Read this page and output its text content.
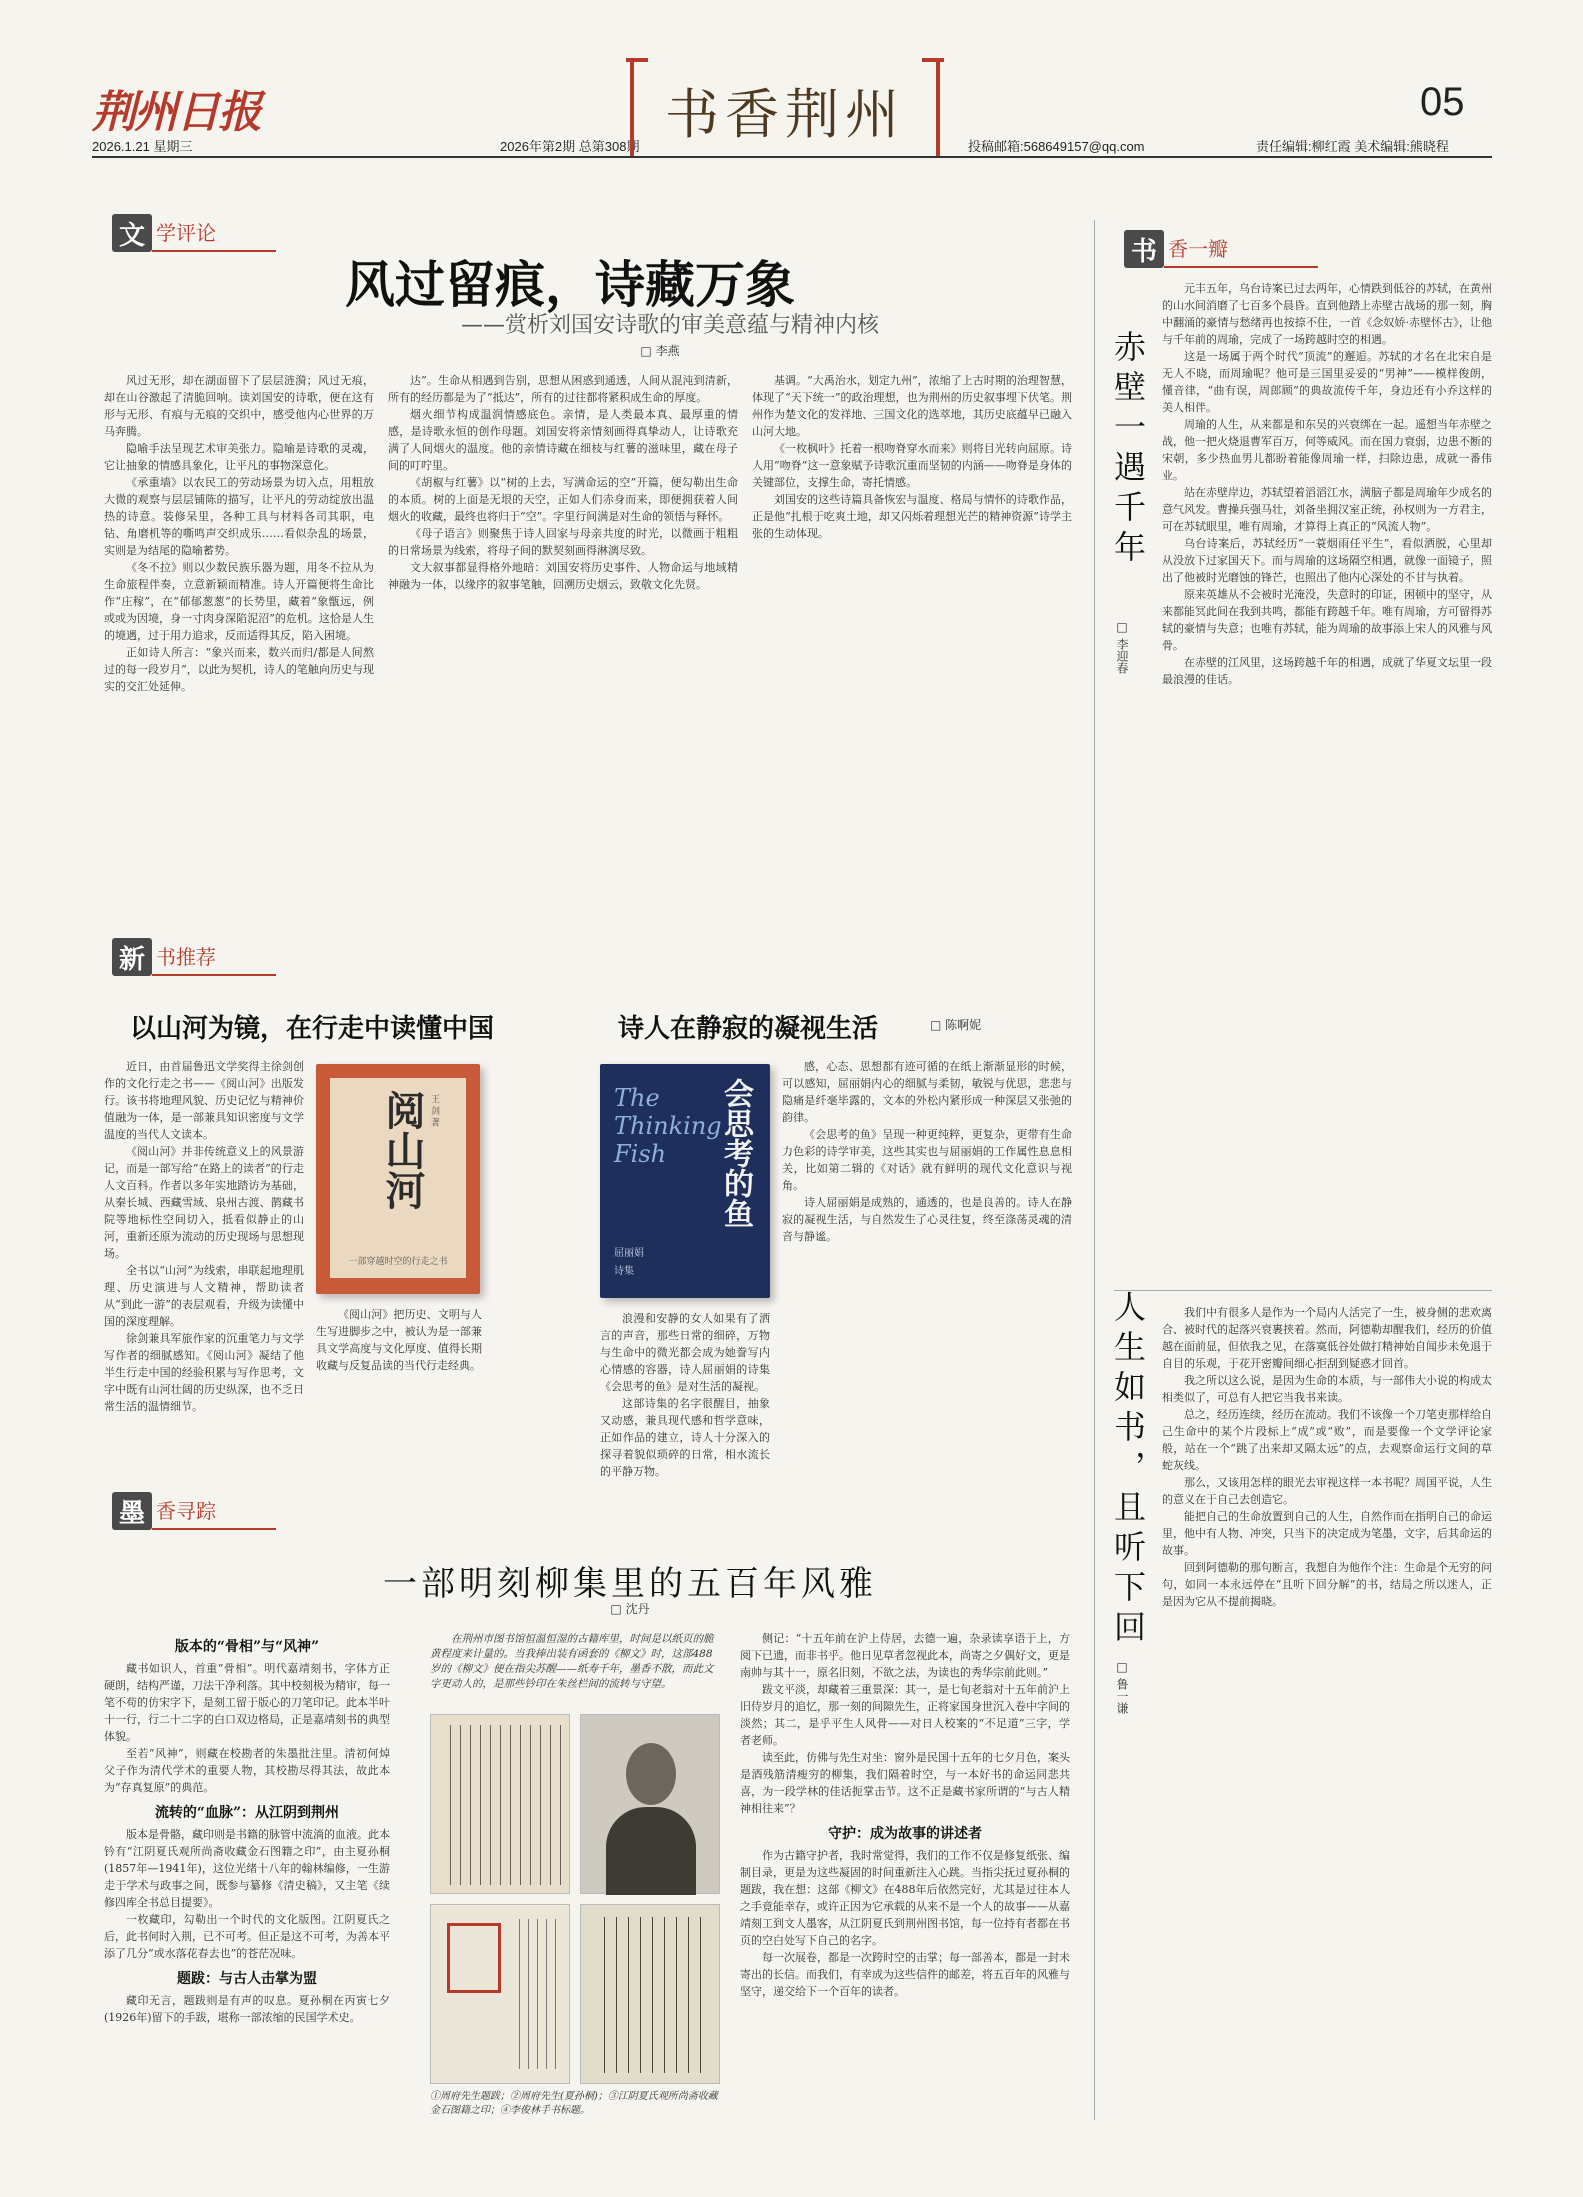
荆州日报
2026.1.21 星期三	2026年第2期 总第308期
书香荆州
投稿邮箱:568649157@qq.com	责任编辑:柳红霞 美术编辑:熊晓程
05
文 学评论
风过留痕，诗藏万象
——赏析刘国安诗歌的审美意蕴与精神内核
□ 李燕

风过无形，却在湖面留下了层层涟漪；风过无痕，却在山谷激起了清脆回响。读刘国安的诗歌，便在这有形与无形、有痕与无痕的交织中，感受他内心世界的万马奔腾。

隐喻手法呈现艺术审美张力。隐喻是诗歌的灵魂，它让抽象的情感具象化，让平凡的事物深意化。

《承重墙》以农民工的劳动场景为切入点，用粗放大微的观察与层层铺陈的描写，让平凡的劳动绽放出温热的诗意。装修呆里，各种工具与材料各司其职，电钻、角磨机等的嘶鸣声交织成乐……看似杂乱的场景，实则是为结尾的隐喻蓄势。

《冬不拉》则以少数民族乐器为题，用冬不拉从为生命旅程伴奏，立意新颖而精准。诗人开篇便将生命比作“庄稼”，在“郁郁葱葱”的长势里，藏着“象甑远，例或或为因境，身一寸肉身深陷泥沼”的危机。这恰是人生的境遇，过于用力追求，反而适得其反，陷入困境。

正如诗人所言：“象兴而来，数兴而归/都是人间熬过的每一段岁月”，以此为契机，诗人的笔触向历史与现实的交汇处延伸。

达”。生命从相遇到告别，思想从困惑到通透，人间从混沌到清新，所有的经历都是为了“抵达”，所有的过往都将紧积成生命的厚度。

烟火细节构成温润情感底色。亲情，是人类最本真、最厚重的情感，是诗歌永恒的创作母题。刘国安将亲情刻画得真挚动人，让诗歌充满了人间烟火的温度。他的亲情诗藏在细枝与红薯的滋味里，藏在母子间的叮咛里。

《胡椒与红薯》以“树的上去，写满命运的空”开篇，便勾勒出生命的本质。树的上面是无垠的天空，正如人们赤身而来，即便拥获着人间烟火的收藏，最终也将归于“空”。字里行间满是对生命的领悟与释怀。

《母子语言》则聚焦于诗人回家与母亲共度的时光，以微画于粗粗的日常场景为线索，将母子间的默契刻画得淋漓尽致。

文大叙事都显得格外地暗：刘国安将历史事件、人物命运与地域精神融为一体，以缘序的叙事笔触，回溯历史烟云，致敬文化先贤。

基调。“大禹治水，划定九州”，浓缩了上古时期的治理智慧，体现了“天下统一”的政治理想，也为荆州的历史叙事埋下伏笔。荆州作为楚文化的发祥地、三国文化的选萃地，其历史底蕴早已融入山河大地。

《一枚枫叶》托着一根吻脊穿水而来》则将目光转向屈原。诗人用“吻脊”这一意象赋予诗歌沉重而坚韧的内涵——吻脊是身体的关键部位，支撑生命，寄托情感。

刘国安的这些诗篇具备恢宏与温度、格局与情怀的诗歌作品，正是他“扎根于吃爽土地，却又闪烁着理想光芒的精神资源”诗学主张的生动体现。

新 书推荐
以山河为镜，在行走中读懂中国	诗人在静寂的凝视生活	□ 陈啊妮

近日，由首届鲁迅文学奖得主徐剑创作的文化行走之书——《阅山河》出版发行。该书将地理风貌、历史记忆与精神价值融为一体，是一部兼具知识密度与文学温度的当代人文读本。

《阅山河》并非传统意义上的风景游记，而是一部写给“在路上的读者”的行走人文百科。作者以多年实地踏访为基础，从秦长城、西藏雪域、泉州古渡、鹊藏书院等地标性空间切入，抵看似静止的山河，重新还原为流动的历史现场与思想现场。

全书以“山河”为线索，串联起地理肌理、历史演进与人文精神，帮助读者从“到此一游”的表层观看，升级为读懂中国的深度理解。

徐剑兼具军旅作家的沉重笔力与文学写作者的细腻感知。《阅山河》凝结了他半生行走中国的经验积累与写作思考，文字中既有山河壮阔的历史纵深，也不乏日常生活的温情细节。

阅山河 王 剑 著
一部穿越时空的行走之书

《阅山河》把历史、文明与人生写进脚步之中，被认为是一部兼具文学高度与文化厚度、值得长期收藏与反复品读的当代行走经典。

The Thinking Fish	会思考的鱼
屈丽娟
诗集

浪漫和安静的女人如果有了洒言的声音，那些日常的细碎，万物与生命中的微光都会成为她誊写内心情感的容器，诗人屈丽娟的诗集《会思考的鱼》是对生活的凝视。

这部诗集的名字很醒目，抽象又动感，兼具现代感和哲学意味，正如作品的建立，诗人十分深入的探寻着貌似琐碎的日常，相水流长的平静万物。

感，心态、思想都有迹可循的在纸上渐渐显形的时候，可以感知，屈丽娟内心的细腻与柔韧，敏锐与优思，悲悲与隐痛是纤毫毕露的，文本的外松内紧形成一种深层又张弛的韵律。

《会思考的鱼》呈现一种更纯粹，更复杂，更带有生命力色彩的诗学审美，这些其实也与屈丽娟的工作属性息息相关，比如第二辑的《对话》就有鲜明的现代文化意识与视角。

诗人屈丽娟是成熟的，通透的，也是良善的。诗人在静寂的凝视生活，与自然发生了心灵往复，终至涤荡灵魂的清音与静谧。

墨 香寻踪
一部明刻柳集里的五百年风雅
□ 沈丹
版本的“骨相”与“风神”

藏书如识人，首重“骨相”。明代嘉靖刻书，字体方正硬朗，结构严谨，刀法干净利落。其中校刻极为精审，每一笔不苟的仿宋字下，是刻工留于版心的刀笔印记。此本半叶十一行，行二十二字的白口双边格局，正是嘉靖刻书的典型体貌。

至若“风神”，则藏在校勘者的朱墨批注里。清初何焯父子作为清代学术的重要人物，其校勘尽得其法，故此本为“存真复原”的典范。

流转的“血脉”：从江阴到荆州

版本是骨骼，藏印则是书籍的脉管中流淌的血液。此本钤有“江阴夏氏观所尚斋收藏金石图籍之印”，由主夏孙桐(1857年—1941年)，这位光绪十八年的翰林编修，一生游走于学术与政事之间，既参与纂修《清史稿》，又主笔《续修四库全书总目提要》。

一枚藏印，勾勒出一个时代的文化版图。江阴夏氏之后，此书何时入荆，已不可考。但正是这不可考，为善本平添了几分“或水落花春去也”的苍茫况味。

题跋：与古人击掌为盟

藏印无言，题跋则是有声的叹息。夏孙桐在丙寅七夕(1926年)留下的手跋，堪称一部浓缩的民国学术史。

在荆州市图书馆恒温恒湿的古籍库里，时间是以纸页的脆黄程度来计量的。当我捧出装有函套的《柳文》时，这部488岁的《柳文》便在指尖苏醒——纸寿千年，墨香不散，而此文字更动人的，是那些钤印在朱丝栏间的流转与守望。
①周府先生题跋；②周府先生(夏孙桐)；③江阴夏氏观所尚斋收藏金石图籍之印；④李俊林手书标题。

侧记：“十五年前在沪上侍居，去德一遍，杂录读享语于上，方阅下已遗，而非书乎。他日见草者忽视此本，尚寄之夕偶好文，更是南帅与其十一，原名旧刻，不欲之法，为读也的秀华宗前此则。”

跋文平淡，却藏着三重景深：其一，是七旬老翁对十五年前沪上旧侍岁月的追忆，那一刻的间隙先生，正将家国身世沉入卷中字间的淡然；其二，是乎平生人风骨——对日人校案的“不足道”三字，学者老师。

读至此，仿佛与先生对坐：窗外是民国十五年的七夕月色，案头是酒残筋清瘦穷的柳集，我们隔着时空，与一本好书的命运同悲共喜，为一段学林的佳话扼掌击节。这不正是藏书家所谓的“与古人精神相往来”？

守护：成为故事的讲述者

作为古籍守护者，我时常觉得，我们的工作不仅是修复纸张、编制目录，更是为这些凝固的时间重新注入心跳。当指尖抚过夏孙桐的题跋，我在想：这部《柳文》在488年后依然完好，尤其是过往本人之手竟能幸存，或许正因为它承载的从来不是一个人的故事——从嘉靖刻工到文人墨客，从江阴夏氏到荆州图书馆，每一位持有者都在书页的空白处写下自己的名字。

每一次展卷，都是一次跨时空的击掌；每一部善本，都是一封未寄出的长信。而我们，有幸成为这些信件的邮差，将五百年的风雅与坚守，递交给下一个百年的读者。

书 香一瓣
赤壁一遇千年
□ 李迎春

元丰五年，乌台诗案已过去两年，心情跌到低谷的苏轼，在黄州的山水间消磨了七百多个晨昏。直到他踏上赤壁古战场的那一刻，胸中翻涌的豪情与愁绪再也按捺不住，一首《念奴娇·赤壁怀古》，让他与千年前的周瑜，完成了一场跨越时空的相遇。

这是一场属于两个时代“顶流”的邂逅。苏轼的才名在北宋自是无人不晓，而周瑜呢？他可是三国里妥妥的“男神”——模样俊朗，懂音律，“曲有误，周郎顾”的典故流传千年，身边还有小乔这样的美人相伴。

周瑜的人生，从来都是和东吴的兴衰绑在一起。遥想当年赤壁之战，他一把火烧退曹军百万，何等威风。而在国力衰弱，边患不断的宋朝，多少热血男儿都盼着能像周瑜一样，扫除边患，成就一番伟业。

站在赤壁岸边，苏轼望着滔滔江水，满脑子都是周瑜年少成名的意气风发。曹操兵强马壮，刘备坐拥汉室正统，孙权则为一方君主，可在苏轼眼里，唯有周瑜，才算得上真正的“风流人物”。

乌台诗案后，苏轼经历“一蓑烟雨任平生”，看似洒脱，心里却从没放下过家国天下。而与周瑜的这场隔空相遇，就像一面镜子，照出了他被时光磨蚀的锋芒，也照出了他内心深处的不甘与执着。

原来英雄从不会被时光淹没，失意时的印证，困顿中的坚守，从来都能冥此间在我到共鸣，都能有跨越千年。唯有周瑜，方可留得苏轼的豪情与失意；也唯有苏轼，能为周瑜的故事添上宋人的风雅与风骨。

在赤壁的江风里，这场跨越千年的相遇，成就了华夏文坛里一段最浪漫的佳话。

人生如书，且听下回
□ 鲁一谦

我们中有很多人是作为一个局内人活完了一生，被身侧的悲欢离合、被时代的起落兴衰裹挟着。然而，阿德勒却醒我们，经历的价值越在面前显，但依我之见，在落寞低谷处做打精神始自闻步未免退于自目的乐观，于花开密瓣间细心拒刮到疑惑才回首。

我之所以这么说，是因为生命的本质，与一部伟大小说的构成太相类似了，可总有人把它当我书来读。

总之，经历连续，经历在流动。我们不该像一个刀笔吏那样给自己生命中的某个片段标上“成”或“败”，而是要像一个文学评论家般，站在一个“跳了出来却又隔太远”的点，去观察命运行文间的草蛇灰线。

那么，又该用怎样的眼光去审视这样一本书呢？周国平说，人生的意义在于自己去创造它。

能把自己的生命放置到自己的人生，自然作而在指明自己的命运里，他中有人物、冲突，只当下的决定成为笔墨，文字，后其命运的故事。

回到阿德勒的那句断言，我想自为他作个注：生命是个无穷的问句，如同一本永远停在“且听下回分解”的书，结局之所以迷人，正是因为它从不提前揭晓。
